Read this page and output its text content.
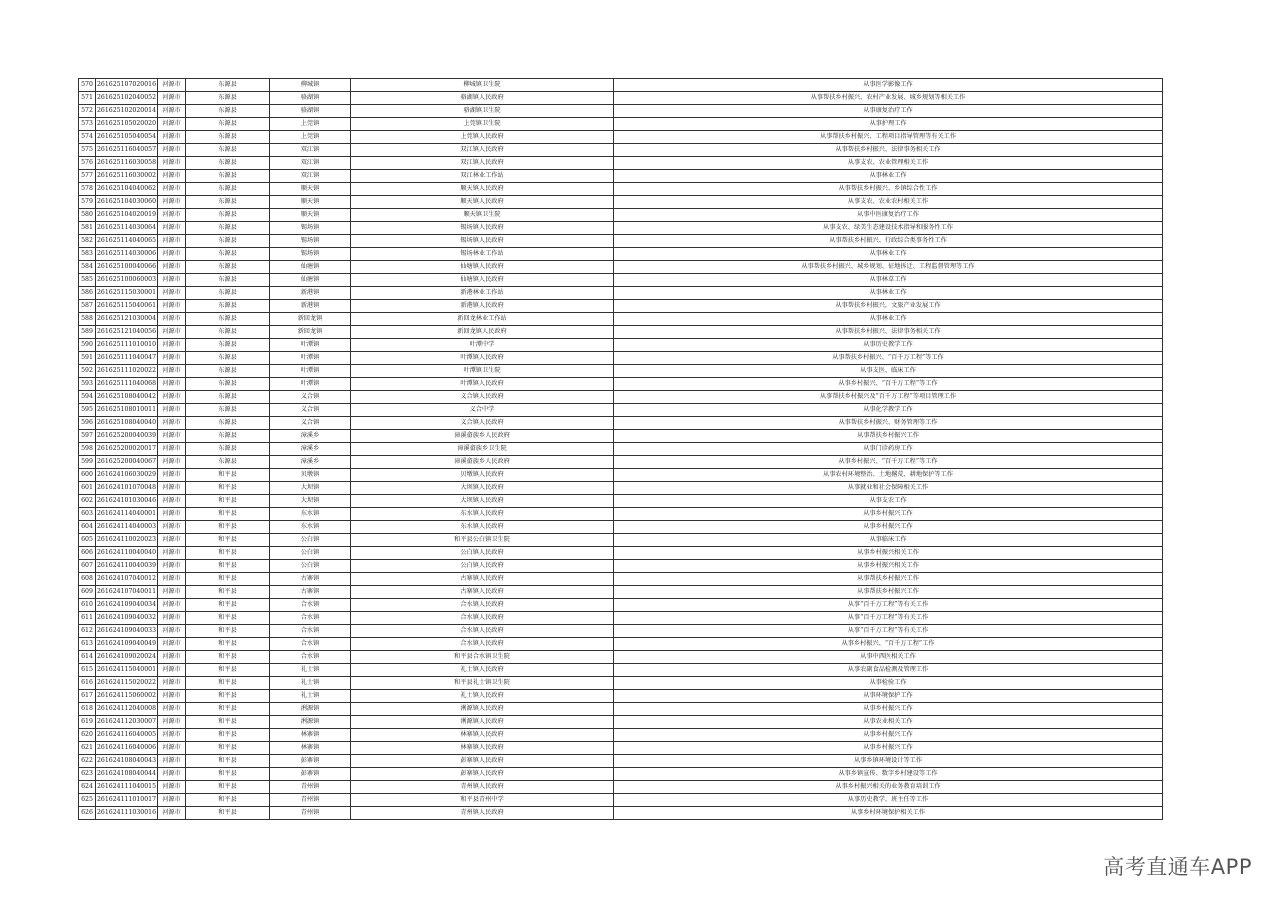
570	261625107020016	河源市	东源县	柳城镇	柳城镇卫生院	从事医学影像工作
571	261625102040052	河源市	东源县	骆湖镇	骆湖镇人民政府	从事帮扶乡村振兴、农村产业发展、城乡规划等相关工作
572	261625102020014	河源市	东源县	骆湖镇	骆湖镇卫生院	从事康复治疗工作
573	261625105020020	河源市	东源县	上莞镇	上莞镇卫生院	从事护理工作
574	261625105040054	河源市	东源县	上莞镇	上莞镇人民政府	从事帮扶乡村振兴、工程项目指导管理等有关工作
575	261625116040057	河源市	东源县	双江镇	双江镇人民政府	从事帮扶乡村振兴、法律事务相关工作
576	261625116030058	河源市	东源县	双江镇	双江镇人民政府	从事支农、农业管理相关工作
577	261625116030002	河源市	东源县	双江镇	双江林业工作站	从事林业工作
578	261625104040062	河源市	东源县	顺天镇	顺天镇人民政府	从事帮扶乡村振兴、乡镇综合性工作
579	261625104030060	河源市	东源县	顺天镇	顺天镇人民政府	从事支农、农业农村相关工作
580	261625104020019	河源市	东源县	顺天镇	顺天镇卫生院	从事中医康复治疗工作
581	261625114030064	河源市	东源县	锡场镇	锡场镇人民政府	从事支农、绿美生态建设技术指导和服务性工作
582	261625114040065	河源市	东源县	锡场镇	锡场镇人民政府	从事帮扶乡村振兴、行政综合类事务性工作
583	261625114030006	河源市	东源县	锡场镇	锡场林业工作站	从事林业工作
584	261625100040066	河源市	东源县	仙塘镇	仙塘镇人民政府	从事帮扶乡村振兴、城乡规划、征地拆迁、工程监督管理等工作
585	261625100060003	河源市	东源县	仙塘镇	仙塘镇人民政府	从事林草工作
586	261625115030001	河源市	东源县	新港镇	新港林业工作站	从事林业工作
587	261625115040061	河源市	东源县	新港镇	新港镇人民政府	从事帮扶乡村振兴，文旅产业发展工作
588	261625121030004	河源市	东源县	新回龙镇	新回龙林业工作站	从事林业工作
589	261625121040056	河源市	东源县	新回龙镇	新回龙镇人民政府	从事帮扶乡村振兴、法律事务相关工作
590	261625111010010	河源市	东源县	叶潭镇	叶潭中学	从事历史教学工作
591	261625111040047	河源市	东源县	叶潭镇	叶潭镇人民政府	从事帮扶乡村振兴、“百千万工程”等工作
592	261625111020022	河源市	东源县	叶潭镇	叶潭镇卫生院	从事支医、临床工作
593	261625111040068	河源市	东源县	叶潭镇	叶潭镇人民政府	从事乡村振兴、“百千万工程”等工作
594	261625108040042	河源市	东源县	义合镇	义合镇人民政府	从事帮扶乡村振兴及“百千万工程”等项目管理工作
595	261625108010011	河源市	东源县	义合镇	义合中学	从事化学教学工作
596	261625108040040	河源市	东源县	义合镇	义合镇人民政府	从事帮扶乡村振兴、财务管理等工作
597	261625200040039	河源市	东源县	漳溪乡	漳溪畲族乡人民政府	从事帮扶乡村振兴工作
598	261625200020017	河源市	东源县	漳溪乡	漳溪畲族乡卫生院	从事门诊药房工作
599	261625200040067	河源市	东源县	漳溪乡	漳溪畲族乡人民政府	从事乡村振兴、“百千万工程”等工作
600	261624106030029	河源市	和平县	贝墩镇	贝墩镇人民政府	从事农村环境整治、土地撂荒、耕地保护等工作
601	261624101070048	河源市	和平县	大坝镇	大坝镇人民政府	从事就业和社会保障相关工作
602	261624101030046	河源市	和平县	大坝镇	大坝镇人民政府	从事支农工作
603	261624114040001	河源市	和平县	东水镇	东水镇人民政府	从事乡村振兴工作
604	261624114040003	河源市	和平县	东水镇	东水镇人民政府	从事乡村振兴工作
605	261624110020023	河源市	和平县	公白镇	和平县公白镇卫生院	从事临床工作
606	261624110040040	河源市	和平县	公白镇	公白镇人民政府	从事乡村振兴相关工作
607	261624110040039	河源市	和平县	公白镇	公白镇人民政府	从事乡村振兴相关工作
608	261624107040012	河源市	和平县	古寨镇	古寨镇人民政府	从事帮扶乡村振兴工作
609	261624107040011	河源市	和平县	古寨镇	古寨镇人民政府	从事帮扶乡村振兴工作
610	261624109040034	河源市	和平县	合水镇	合水镇人民政府	从事“百千万工程”等有关工作
611	261624109040032	河源市	和平县	合水镇	合水镇人民政府	从事“百千万工程”等有关工作
612	261624109040033	河源市	和平县	合水镇	合水镇人民政府	从事“百千万工程”等有关工作
613	261624109040049	河源市	和平县	合水镇	合水镇人民政府	从事乡村振兴、“百千万工程”工作
614	261624109020024	河源市	和平县	合水镇	和平县合水镇卫生院	从事中西医相关工作
615	261624115040001	河源市	和平县	礼士镇	礼士镇人民政府	从事农副食品检测及管理工作
616	261624115020022	河源市	和平县	礼士镇	和平县礼士镇卫生院	从事检验工作
617	261624115060002	河源市	和平县	礼士镇	礼士镇人民政府	从事环境保护工作
618	261624112040008	河源市	和平县	浰源镇	浰源镇人民政府	从事乡村振兴工作
619	261624112030007	河源市	和平县	浰源镇	浰源镇人民政府	从事农业相关工作
620	261624116040005	河源市	和平县	林寨镇	林寨镇人民政府	从事乡村振兴工作
621	261624116040006	河源市	和平县	林寨镇	林寨镇人民政府	从事乡村振兴工作
622	261624108040043	河源市	和平县	彭寨镇	彭寨镇人民政府	从事乡镇环境设计等工作
623	261624108040044	河源市	和平县	彭寨镇	彭寨镇人民政府	从事乡镇宣传、数字乡村建设等工作
624	261624111040015	河源市	和平县	青州镇	青州镇人民政府	从事乡村振兴相关的业务教育培训工作
625	261624111010017	河源市	和平县	青州镇	和平县青州中学	从事历史教学、班主任等工作
626	261624111030016	河源市	和平县	青州镇	青州镇人民政府	从事乡村环境保护相关工作
高考直通车APP
